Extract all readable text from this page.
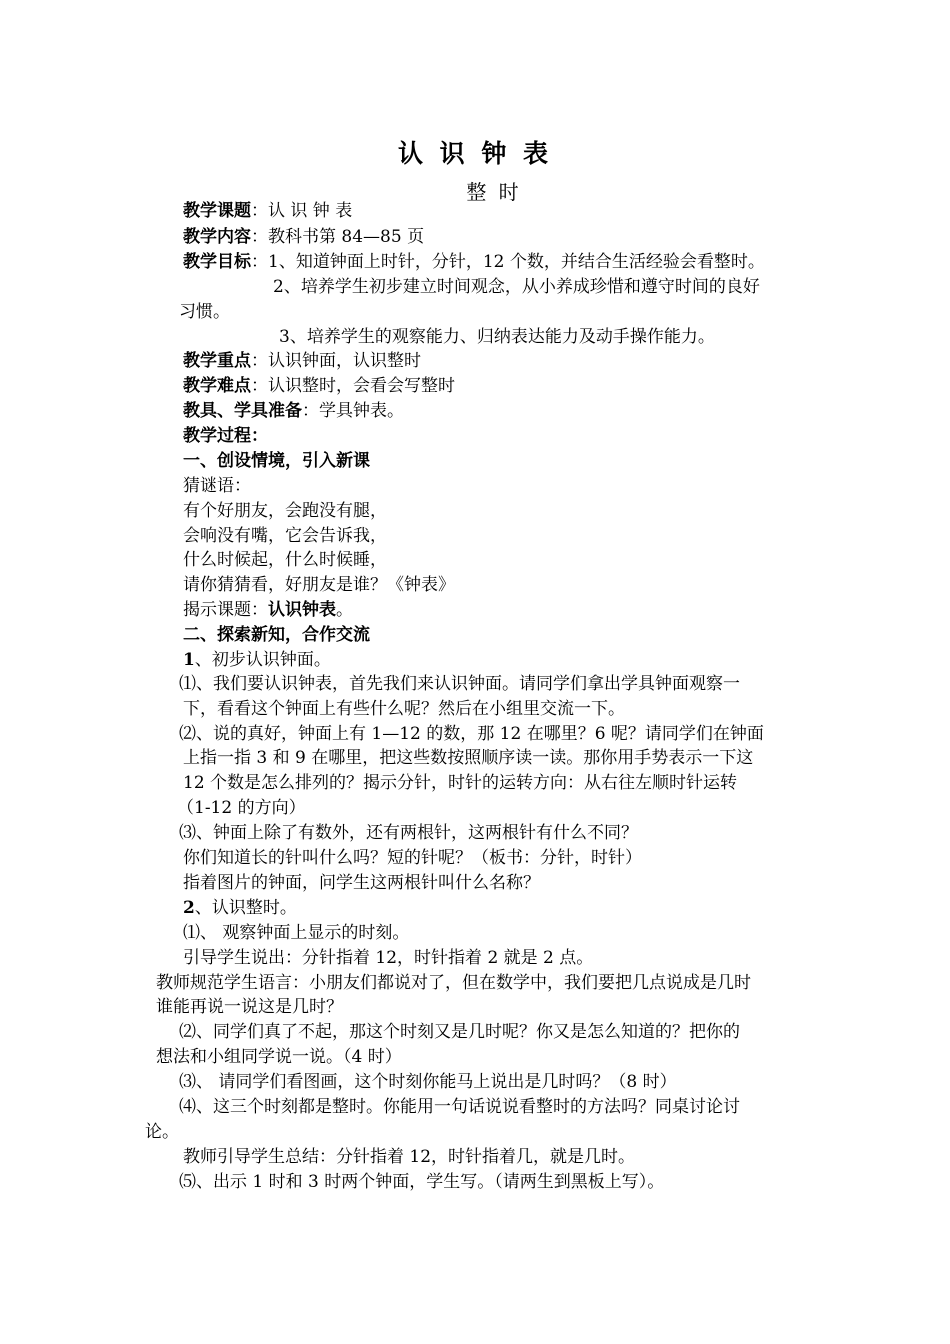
认 识 钟 表
整 时
教学课题：认 识 钟 表
教学内容：教科书第 84—85 页
教学目标：1、知道钟面上时针，分针，12 个数，并结合生活经验会看整时。
2、培养学生初步建立时间观念，从小养成珍惜和遵守时间的良好
习惯。
3、培养学生的观察能力、归纳表达能力及动手操作能力。
教学重点：认识钟面，认识整时
教学难点：认识整时，会看会写整时
教具、学具准备：学具钟表。
教学过程：
一、创设情境，引入新课
猜谜语：
有个好朋友，会跑没有腿，
会响没有嘴，它会告诉我，
什么时候起，什么时候睡，
请你猜猜看，好朋友是谁？《钟表》
揭示课题：认识钟表。
二、探索新知，合作交流
1、初步认识钟面。
⑴、我们要认识钟表，首先我们来认识钟面。请同学们拿出学具钟面观察一
下，看看这个钟面上有些什么呢？然后在小组里交流一下。
⑵、说的真好，钟面上有 1—12 的数，那 12 在哪里？6 呢？请同学们在钟面
上指一指 3 和 9 在哪里，把这些数按照顺序读一读。那你用手势表示一下这
12 个数是怎么排列的？揭示分针，时针的运转方向：从右往左顺时针运转
（1-12 的方向）
⑶、钟面上除了有数外，还有两根针，这两根针有什么不同？
你们知道长的针叫什么吗？短的针呢？（板书：分针，时针）
指着图片的钟面，问学生这两根针叫什么名称？
2、认识整时。
⑴、 观察钟面上显示的时刻。
引导学生说出：分针指着 12，时针指着 2 就是 2 点。
教师规范学生语言：小朋友们都说对了，但在数学中，我们要把几点说成是几时
谁能再说一说这是几时？
⑵、同学们真了不起，那这个时刻又是几时呢？你又是怎么知道的？把你的
想法和小组同学说一说。（4 时）
⑶、 请同学们看图画，这个时刻你能马上说出是几时吗？（8 时）
⑷、这三个时刻都是整时。你能用一句话说说看整时的方法吗？同桌讨论讨
论。
教师引导学生总结：分针指着 12，时针指着几，就是几时。
⑸、出示 1 时和 3 时两个钟面，学生写。（请两生到黑板上写）。
